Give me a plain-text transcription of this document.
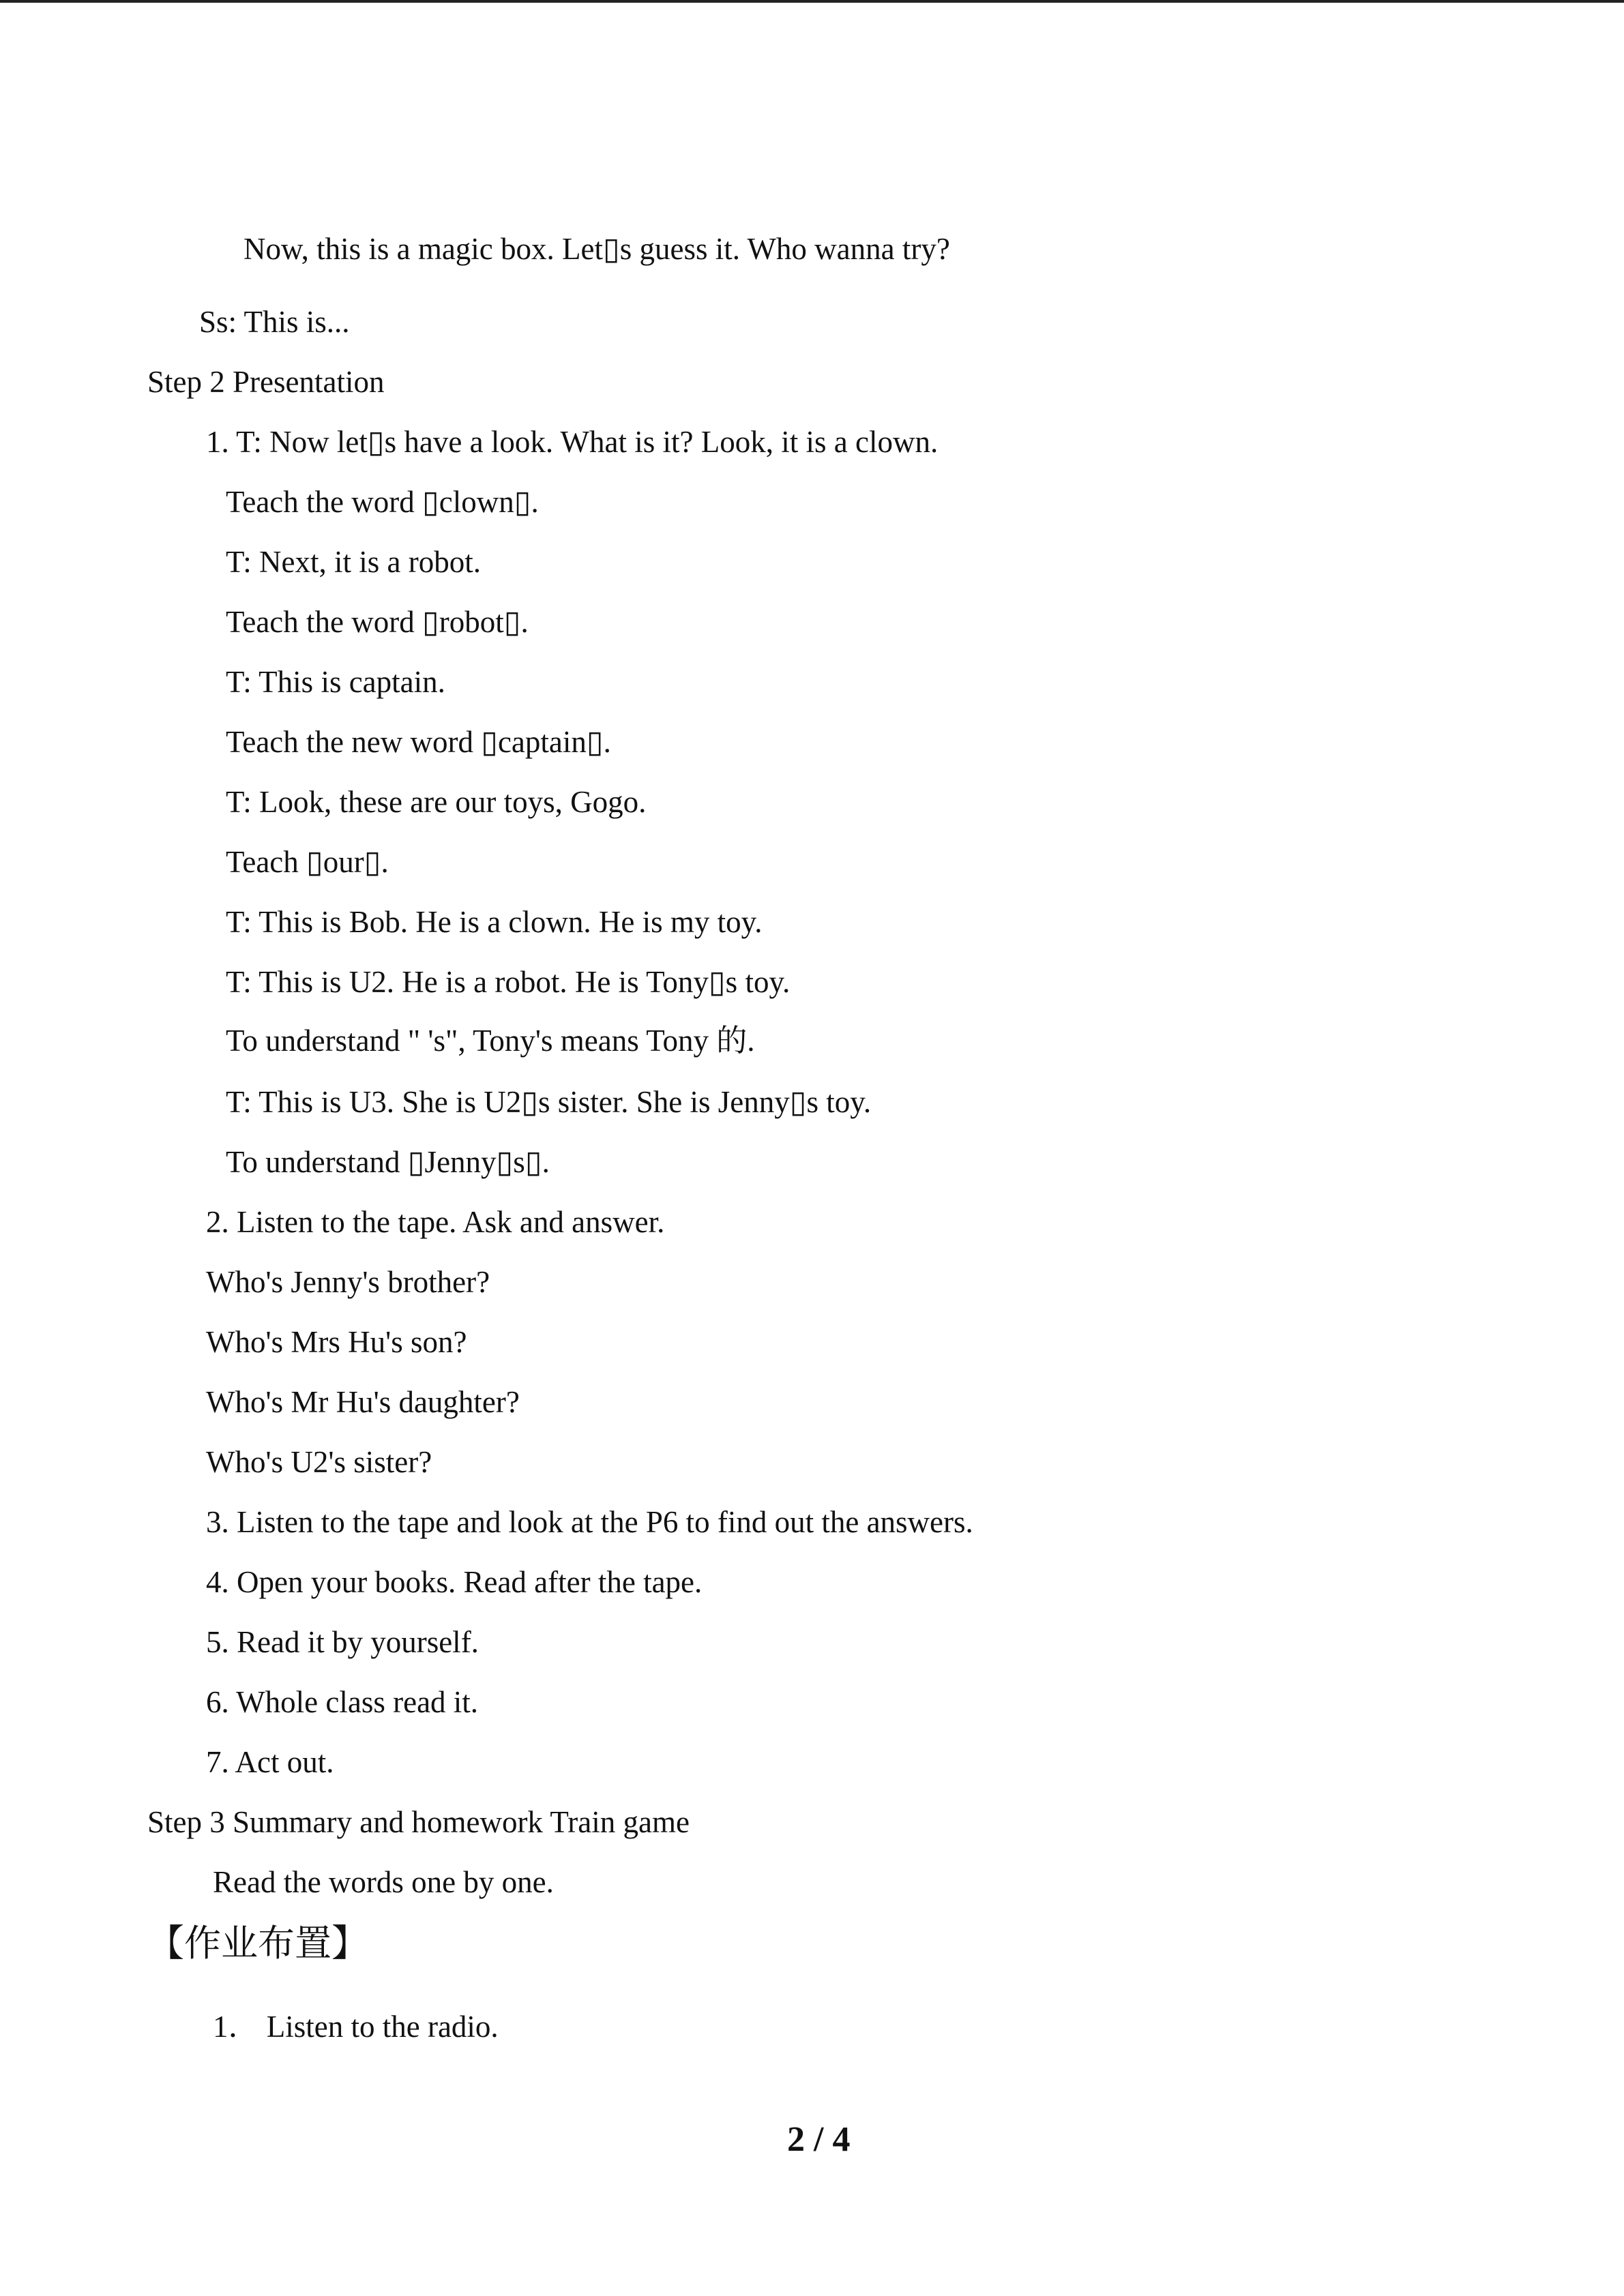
Now, this is a magic box. Let▯s guess it. Who wanna try?
Ss: This is...
Step 2 Presentation
1. T: Now let▯s have a look. What is it? Look, it is a clown.
Teach the word ▯clown▯.
T: Next, it is a robot.
Teach the word ▯robot▯.
T: This is captain.
Teach the new word ▯captain▯.
T: Look, these are our toys, Gogo.
Teach ▯our▯.
T: This is Bob. He is a clown. He is my toy.
T: This is U2. He is a robot. He is Tony▯s toy.
To understand " 's", Tony's means Tony 的.
T: This is U3. She is U2▯s sister. She is Jenny▯s toy.
To understand ▯Jenny▯s▯.
2. Listen to the tape. Ask and answer.
Who's Jenny's brother?
Who's Mrs Hu's son?
Who's Mr Hu's daughter?
Who's U2's sister?
3. Listen to the tape and look at the P6 to find out the answers.
4. Open your books. Read after the tape.
5. Read it by yourself.
6. Whole class read it.
7. Act out.
Step 3 Summary and homework Train game
Read the words one by one.
【作业布置】
1． Listen to the radio.
2 / 4
